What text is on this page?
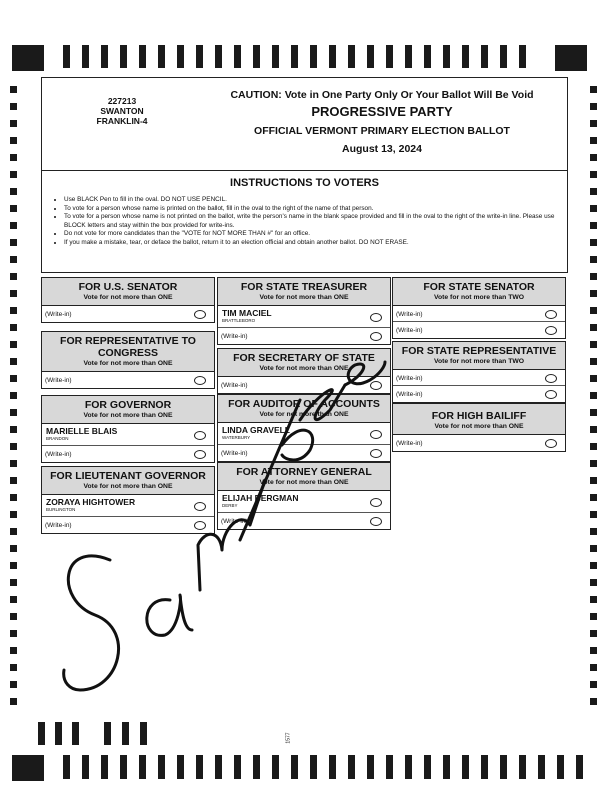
1577
227213
SWANTON
FRANKLIN-4
CAUTION: Vote in One Party Only Or Your Ballot Will Be Void
PROGRESSIVE PARTY
OFFICIAL VERMONT PRIMARY ELECTION BALLOT
August 13, 2024
INSTRUCTIONS TO VOTERS
• Use BLACK Pen to fill in the oval. DO NOT USE PENCIL.
• To vote for a person whose name is printed on the ballot, fill in the oval to the right of the name of that person.
• To vote for a person whose name is not printed on the ballot, write the person's name in the blank space provided and fill in the oval to the right of the write-in line. Please use BLOCK letters and stay within the box provided for write-ins.
• Do not vote for more candidates than the "VOTE for NOT MORE THAN #" for an office.
• If you make a mistake, tear, or deface the ballot, return it to an election official and obtain another ballot. DO NOT ERASE.
FOR U.S. SENATOR
Vote for not more than ONE
(Write-in)
FOR REPRESENTATIVE TO CONGRESS
Vote for not more than ONE
(Write-in)
FOR GOVERNOR
Vote for not more than ONE
MARIELLE BLAIS
BRANDON
(Write-in)
FOR LIEUTENANT GOVERNOR
Vote for not more than ONE
ZORAYA HIGHTOWER
BURLINGTON
(Write-in)
FOR STATE TREASURER
Vote for not more than ONE
TIM MACIEL
BRATTLEBORO
(Write-in)
FOR SECRETARY OF STATE
Vote for not more than ONE
(Write-in)
FOR AUDITOR OF ACCOUNTS
Vote for not more than ONE
LINDA GRAVELL
WATERBURY
(Write-in)
FOR ATTORNEY GENERAL
Vote for not more than ONE
ELIJAH BERGMAN
DERBY
(Write-in)
FOR STATE SENATOR
Vote for not more than TWO
(Write-in)
(Write-in)
FOR STATE REPRESENTATIVE
Vote for not more than TWO
(Write-in)
(Write-in)
FOR HIGH BAILIFF
Vote for not more than ONE
(Write-in)
